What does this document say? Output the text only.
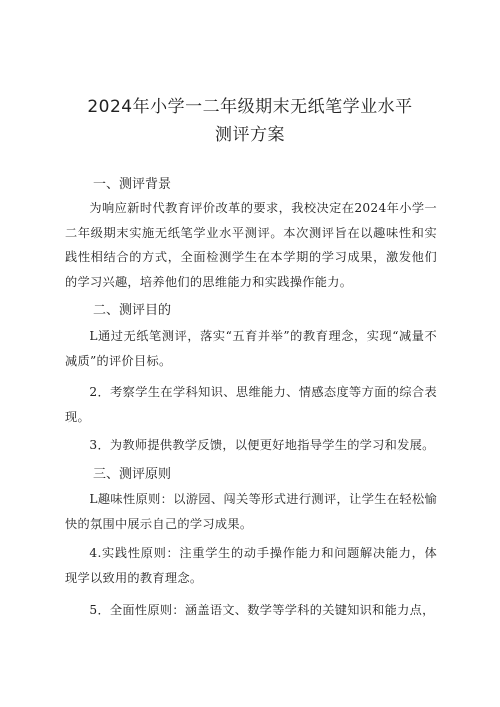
2024年小学一二年级期末无纸笔学业水平
测评方案
一、测评背景
为响应新时代教育评价改革的要求，我校决定在2024年小学一二年级期末实施无纸笔学业水平测评。本次测评旨在以趣味性和实践性相结合的方式，全面检测学生在本学期的学习成果，激发他们的学习兴趣，培养他们的思维能力和实践操作能力。
二、测评目的
L通过无纸笔测评，落实“五育并举”的教育理念，实现“减量不减质”的评价目标。
2．考察学生在学科知识、思维能力、情感态度等方面的综合表现。
3．为教师提供教学反馈，以便更好地指导学生的学习和发展。
三、测评原则
L趣味性原则：以游园、闯关等形式进行测评，让学生在轻松愉快的氛围中展示自己的学习成果。
4.实践性原则：注重学生的动手操作能力和问题解决能力，体现学以致用的教育理念。
5．全面性原则：涵盖语文、数学等学科的关键知识和能力点，
